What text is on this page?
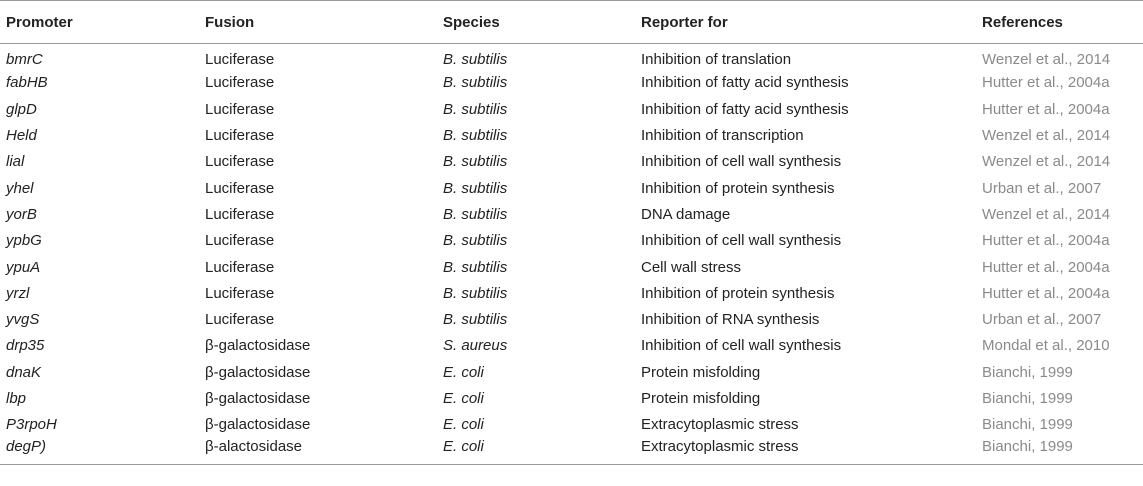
Promoter	Fusion	Species	Reporter for	References
bmrC	Luciferase	B. subtilis	Inhibition of translation	Wenzel et al., 2014
fabHB	Luciferase	B. subtilis	Inhibition of fatty acid synthesis	Hutter et al., 2004a
glpD	Luciferase	B. subtilis	Inhibition of fatty acid synthesis	Hutter et al., 2004a
Held	Luciferase	B. subtilis	Inhibition of transcription	Wenzel et al., 2014
lial	Luciferase	B. subtilis	Inhibition of cell wall synthesis	Wenzel et al., 2014
yhel	Luciferase	B. subtilis	Inhibition of protein synthesis	Urban et al., 2007
yorB	Luciferase	B. subtilis	DNA damage	Wenzel et al., 2014
ypbG	Luciferase	B. subtilis	Inhibition of cell wall synthesis	Hutter et al., 2004a
ypuA	Luciferase	B. subtilis	Cell wall stress	Hutter et al., 2004a
yrzl	Luciferase	B. subtilis	Inhibition of protein synthesis	Hutter et al., 2004a
yvgS	Luciferase	B. subtilis	Inhibition of RNA synthesis	Urban et al., 2007
drp35	β-galactosidase	S. aureus	Inhibition of cell wall synthesis	Mondal et al., 2010
dnaK	β-galactosidase	E. coli	Protein misfolding	Bianchi, 1999
lbp	β-galactosidase	E. coli	Protein misfolding	Bianchi, 1999
P3rpoH	β-galactosidase	E. coli	Extracytoplasmic stress	Bianchi, 1999
degP)	β-alactosidase	E. coli	Extracytoplasmic stress	Bianchi, 1999
